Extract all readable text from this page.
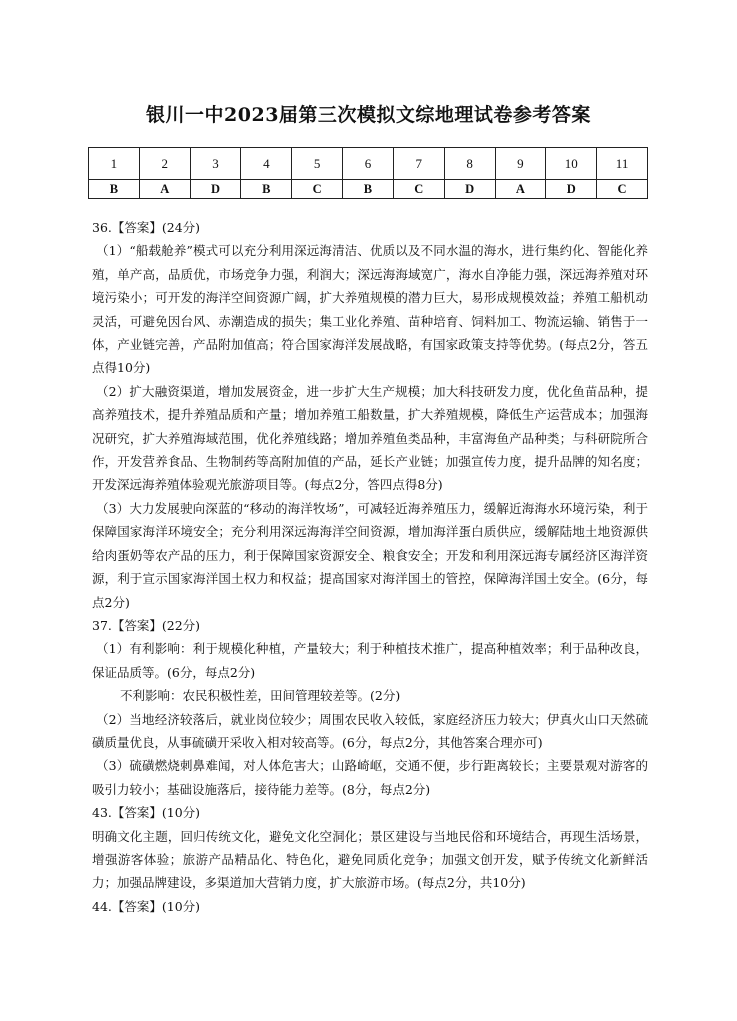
银川一中2023届第三次模拟文综地理试卷参考答案
1	2	3	4	5	6	7	8	9	10	11
B	A	D	B	C	B	C	D	A	D	C

36.【答案】(24分)

（1）“船载舱养”模式可以充分利用深远海清洁、优质以及不同水温的海水，进行集约化、智能化养殖，单产高，品质优，市场竞争力强，利润大；深远海海域宽广，海水自净能力强，深远海养殖对环境污染小；可开发的海洋空间资源广阔，扩大养殖规模的潜力巨大，易形成规模效益；养殖工船机动灵活，可避免因台风、赤潮造成的损失；集工业化养殖、苗种培育、饲料加工、物流运输、销售于一体，产业链完善，产品附加值高；符合国家海洋发展战略，有国家政策支持等优势。(每点2分，答五点得10分)

（2）扩大融资渠道，增加发展资金，进一步扩大生产规模；加大科技研发力度，优化鱼苗品种，提高养殖技术，提升养殖品质和产量；增加养殖工船数量，扩大养殖规模，降低生产运营成本；加强海况研究，扩大养殖海域范围，优化养殖线路；增加养殖鱼类品种，丰富海鱼产品种类；与科研院所合作，开发营养食品、生物制药等高附加值的产品，延长产业链；加强宣传力度，提升品牌的知名度；开发深远海养殖体验观光旅游项目等。(每点2分，答四点得8分)

（3）大力发展驶向深蓝的“移动的海洋牧场”，可减轻近海养殖压力，缓解近海海水环境污染，利于保障国家海洋环境安全；充分利用深远海海洋空间资源，增加海洋蛋白质供应，缓解陆地土地资源供给肉蛋奶等农产品的压力，利于保障国家资源安全、粮食安全；开发和利用深远海专属经济区海洋资源，利于宣示国家海洋国土权力和权益；提高国家对海洋国土的管控，保障海洋国土安全。(6分，每点2分)

37.【答案】(22分)

（1）有利影响：利于规模化种植，产量较大；利于种植技术推广，提高种植效率；利于品种改良，保证品质等。(6分，每点2分)

不利影响：农民积极性差，田间管理较差等。(2分)

（2）当地经济较落后，就业岗位较少；周围农民收入较低，家庭经济压力较大；伊真火山口天然硫磺质量优良，从事硫磺开采收入相对较高等。(6分，每点2分，其他答案合理亦可)

（3）硫磺燃烧刺鼻难闻，对人体危害大；山路崎岖，交通不便，步行距离较长；主要景观对游客的吸引力较小；基础设施落后，接待能力差等。(8分，每点2分)

43.【答案】(10分)

明确文化主题，回归传统文化，避免文化空洞化；景区建设与当地民俗和环境结合，再现生活场景，增强游客体验；旅游产品精品化、特色化，避免同质化竞争；加强文创开发，赋予传统文化新鲜活力；加强品牌建设，多渠道加大营销力度，扩大旅游市场。(每点2分，共10分)

44.【答案】(10分)
